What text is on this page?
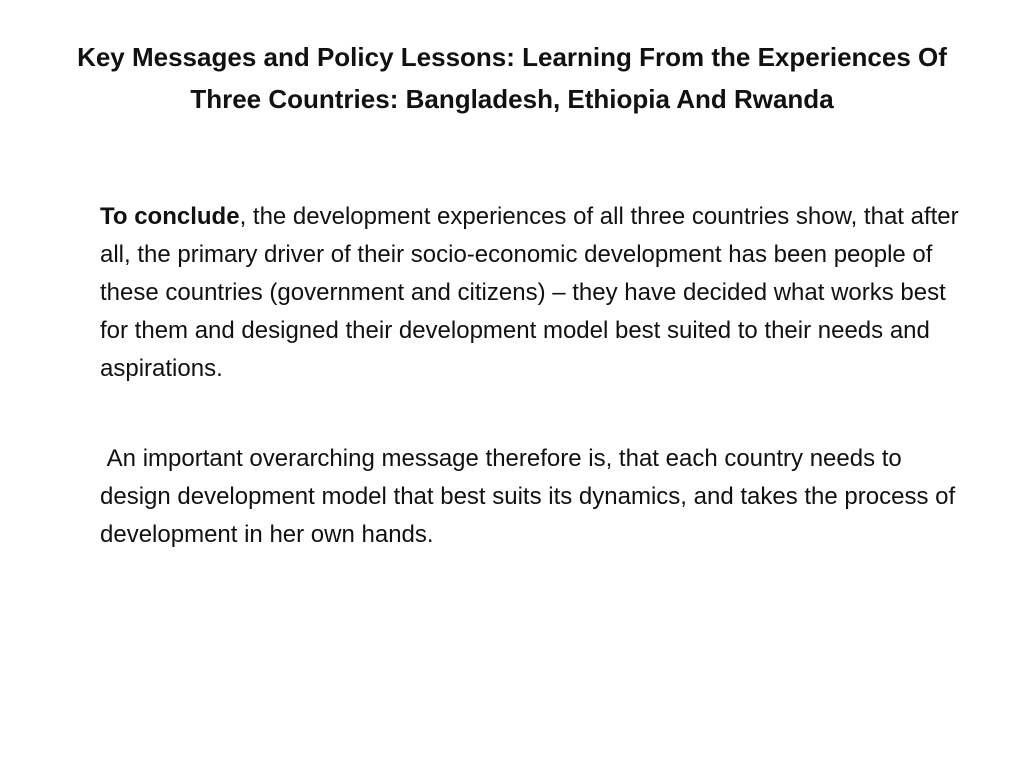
Key Messages and Policy Lessons: Learning From the Experiences Of Three Countries: Bangladesh, Ethiopia And Rwanda

To conclude, the development experiences of all three countries show, that after all, the primary driver of their socio-economic development has been people of these countries (government and citizens) – they have decided what works best for them and designed their development model best suited to their needs and aspirations.

An important overarching message therefore is, that each country needs to design development model that best suits its dynamics, and takes the process of development in her own hands.
